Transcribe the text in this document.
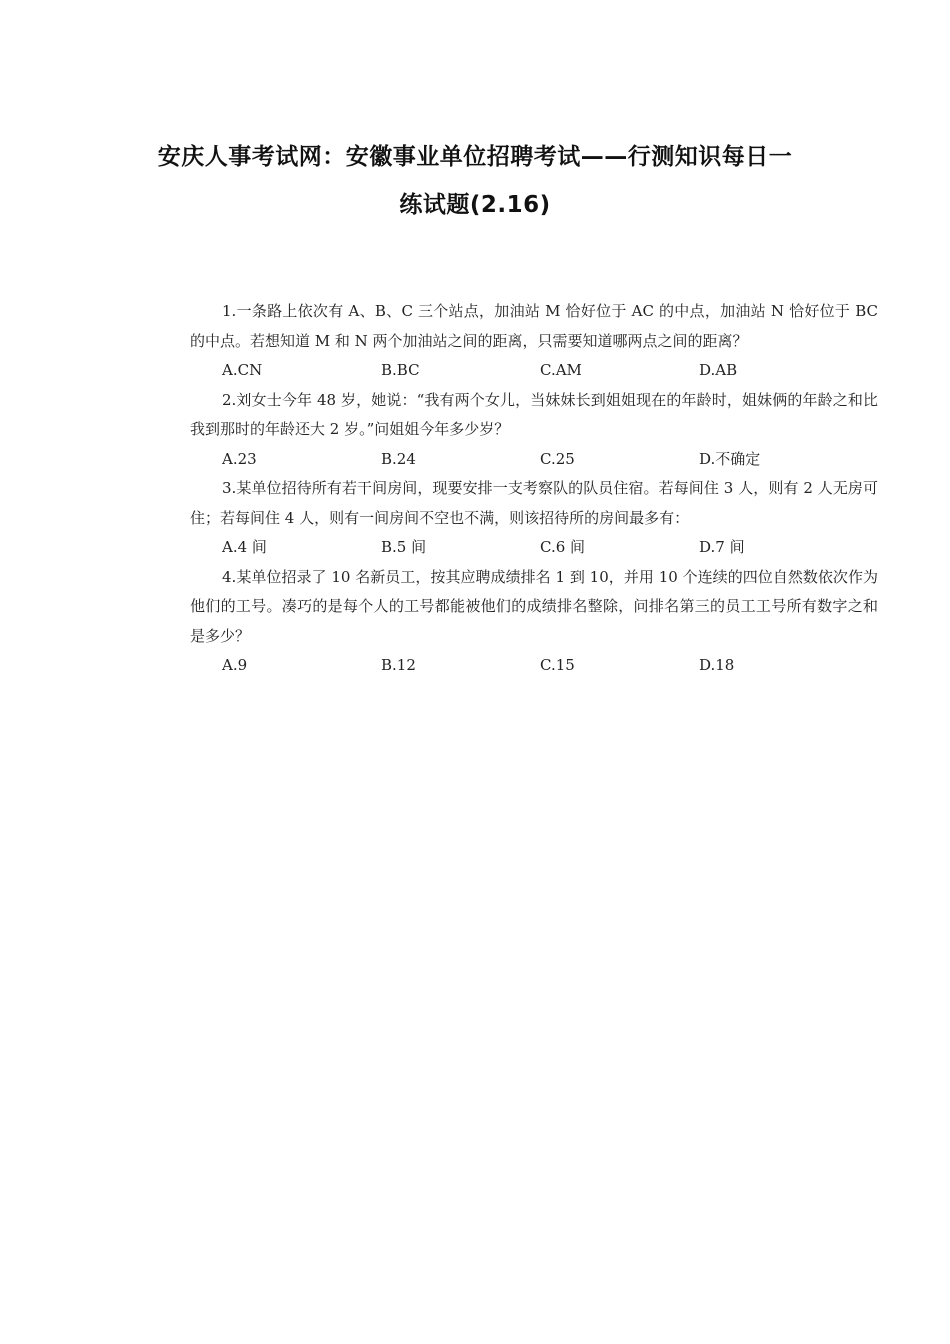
安庆人事考试网：安徽事业单位招聘考试——行测知识每日一
练试题(2.16)

1.一条路上依次有 A、B、C 三个站点，加油站 M 恰好位于 AC 的中点，加油站 N 恰好位于 BC 的中点。若想知道 M 和 N 两个加油站之间的距离，只需要知道哪两点之间的距离？

A.CN	B.BC	C.AM	D.AB

2.刘女士今年 48 岁，她说：“我有两个女儿，当妹妹长到姐姐现在的年龄时，姐妹俩的年龄之和比我到那时的年龄还大 2 岁。”问姐姐今年多少岁？

A.23	B.24	C.25	D.不确定

3.某单位招待所有若干间房间，现要安排一支考察队的队员住宿。若每间住 3 人，则有 2 人无房可住；若每间住 4 人，则有一间房间不空也不满，则该招待所的房间最多有：

A.4 间	B.5 间	C.6 间	D.7 间

4.某单位招录了 10 名新员工，按其应聘成绩排名 1 到 10，并用 10 个连续的四位自然数依次作为他们的工号。凑巧的是每个人的工号都能被他们的成绩排名整除，问排名第三的员工工号所有数字之和是多少？

A.9	B.12	C.15	D.18
